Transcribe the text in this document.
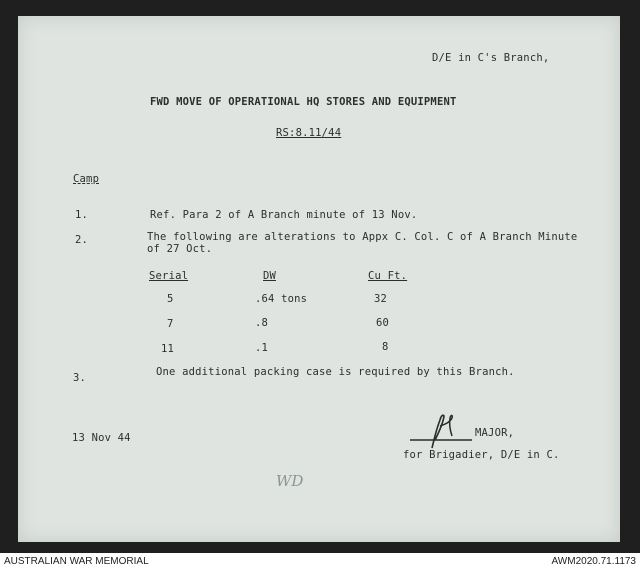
D/E in C's Branch,
FWD MOVE OF OPERATIONAL HQ STORES AND EQUIPMENT
RS:8.11/44
Camp
1.	Ref. Para 2 of A Branch minute of 13 Nov.
2.	The following are alterations to Appx C. Col. C of A Branch Minute
of 27 Oct.
Serial	DW	Cu Ft.
5	.64 tons	32
7	.8	60
11	.1	8
3.	One additional packing case is required by this Branch.
13 Nov 44	MAJOR,
for Brigadier, D/E in C.
WD
AUSTRALIAN WAR MEMORIAL	AWM2020.71.1173
